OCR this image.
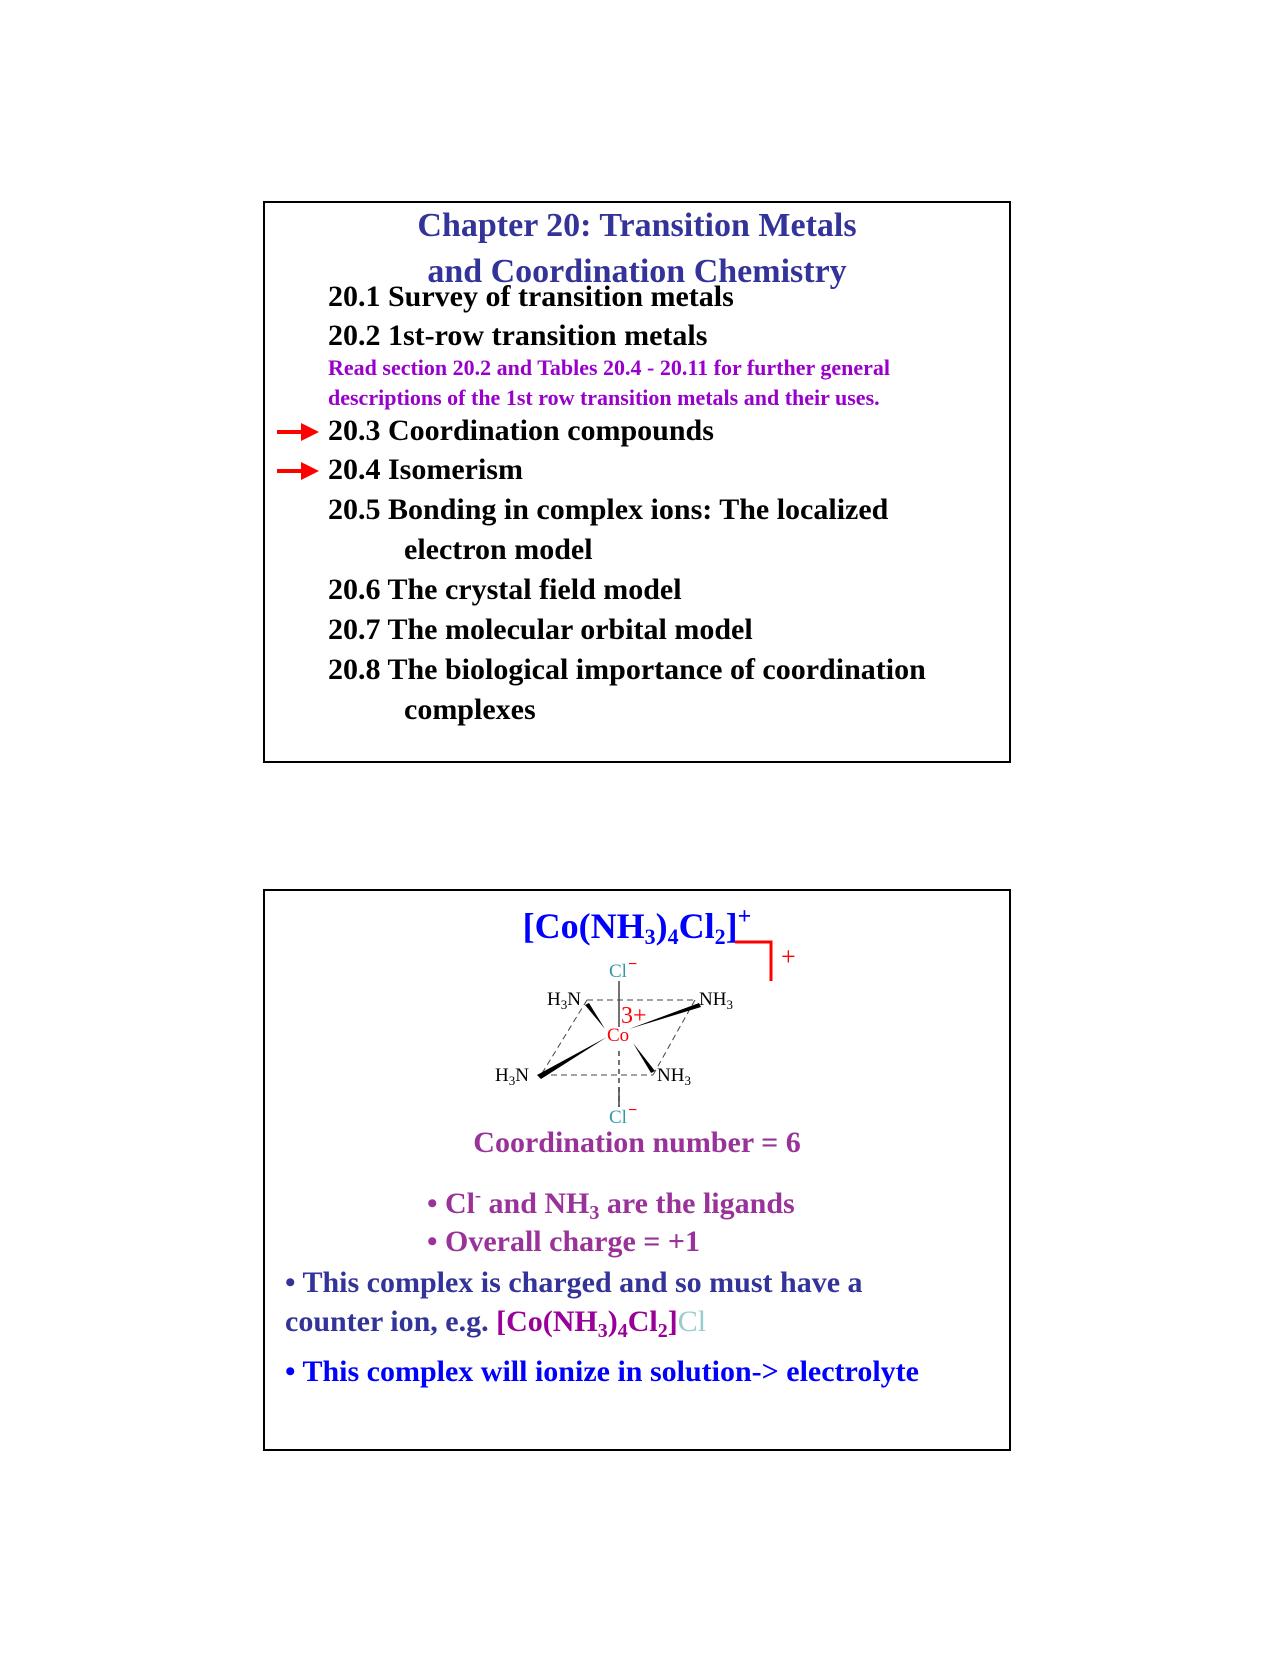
Chapter 20: Transition Metals
and Coordination Chemistry
20.1 Survey of transition metals
20.2 1st-row transition metals
Read section 20.2 and Tables 20.4 - 20.11 for further general
descriptions of the 1st row transition metals and their uses.
20.3 Coordination compounds
20.4 Isomerism
20.5 Bonding in complex ions: The localized
electron model
20.6 The crystal field model
20.7 The molecular orbital model
20.8 The biological importance of coordination
complexes
$[Co(NH_3)_4Cl_2]^+$
+
Cl −
$H_3N$	$NH_3$
3+
Co
$H_3N$	$NH_3$
Cl −
Coordination number = 6
• Cl- and $NH_3$ are the ligands
• Overall charge = +1
• This complex is charged and so must have a
counter ion, e.g. $[Co(NH_3)_4Cl_2]Cl$
• This complex will ionize in solution-> electrolyte
